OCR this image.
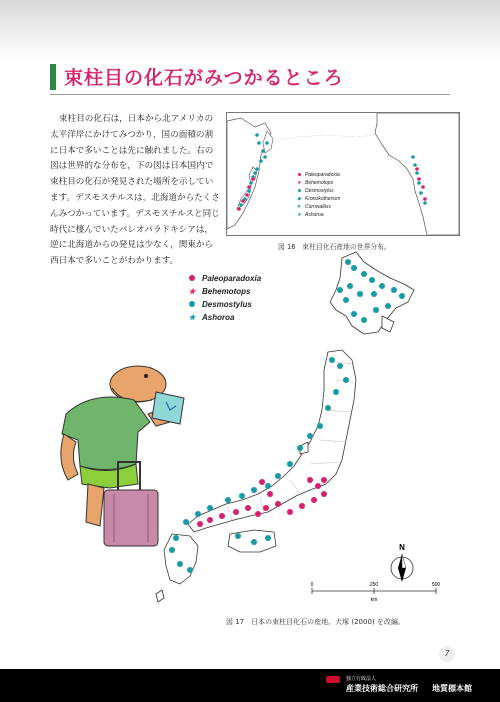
束柱目の化石がみつかるところ

束柱目の化石は，日本から北アメリカの太平洋岸にかけてみつかり，国の面積の割に日本で多いことは先に触れました。右の図は世界的な分布を，下の図は日本国内で束柱目の化石が発見された場所を示しています。デスモスチルスは，北海道からたくさんみつかっています。デスモスチルスと同じ時代に棲んでいたパレオパラドキシアは，逆に北海道からの発見は少なく，関東から西日本で多いことがわかります。

Paleoparadoxia
★ Behemotops
Desmostylus
◆ Kronokotherium
▼ Cornwallius
★ Ashoroa
図 16　束柱目化石産地の世界分布。
N
0	250	500
km
Paleoparadoxia
★ Behemotops
Desmostylus
★ Ashoroa
図 17　日本の束柱目化石の産地。犬塚 (2000) を改編。
7
独立行政法人
産業技術総合研究所 地質標本館
